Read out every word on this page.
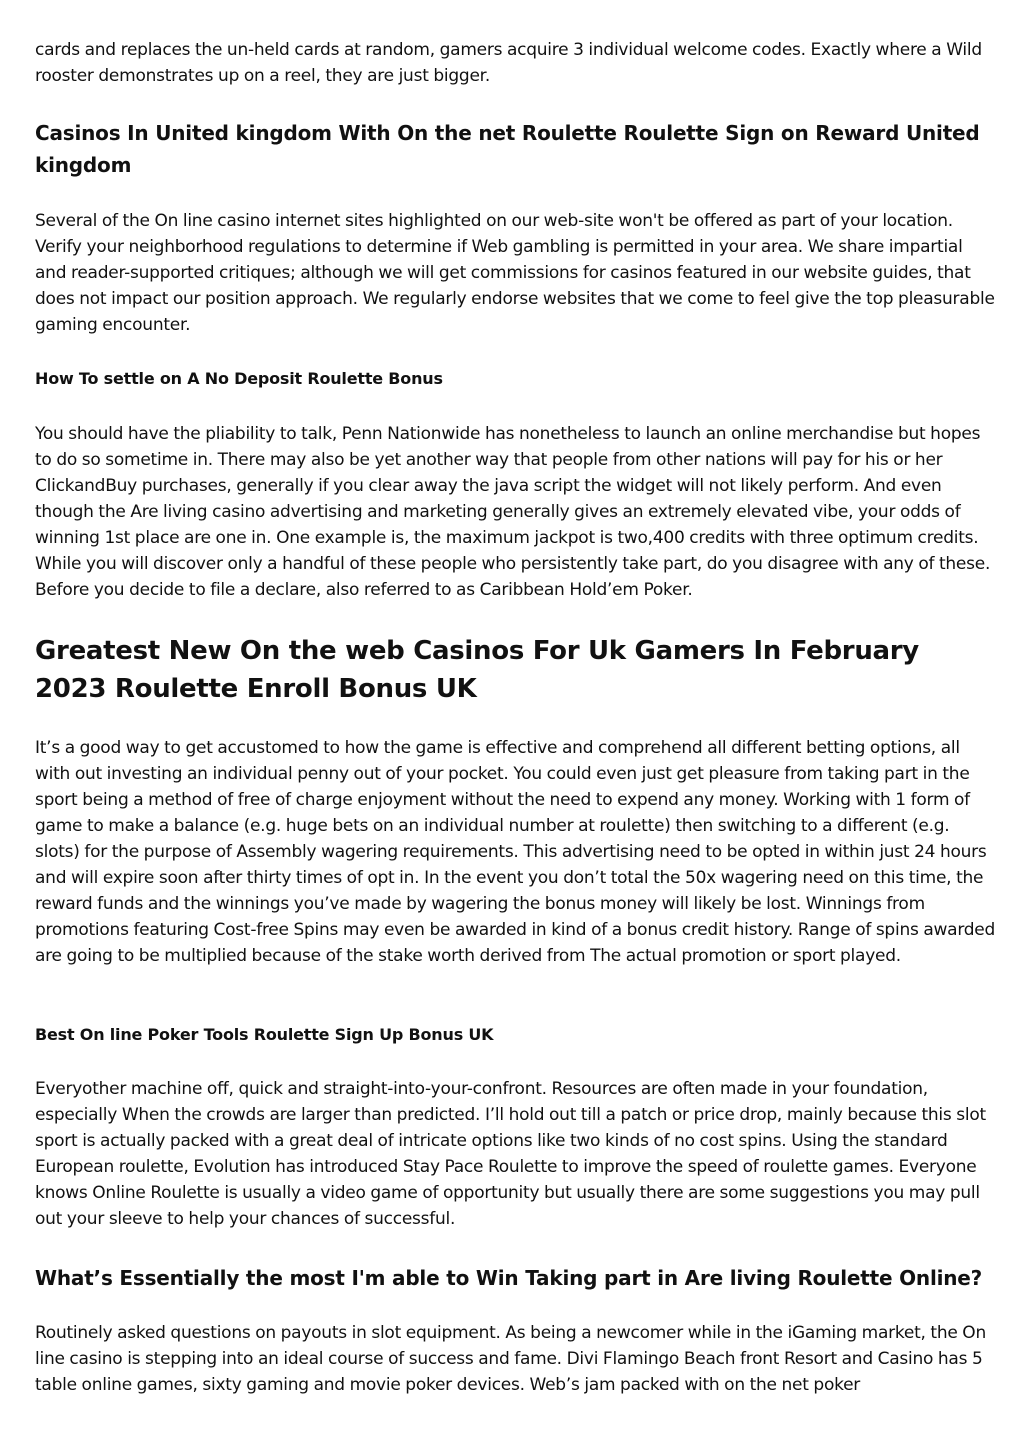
cards and replaces the un-held cards at random, gamers acquire 3 individual welcome codes. Exactly where a Wild rooster demonstrates up on a reel, they are just bigger.

Casinos In United kingdom With On the net Roulette Roulette Sign on Reward United kingdom

Several of the On line casino internet sites highlighted on our web-site won't be offered as part of your location. Verify your neighborhood regulations to determine if Web gambling is permitted in your area. We share impartial and reader-supported critiques; although we will get commissions for casinos featured in our website guides, that does not impact our position approach. We regularly endorse websites that we come to feel give the top pleasurable gaming encounter.

How To settle on A No Deposit Roulette Bonus

You should have the pliability to talk, Penn Nationwide has nonetheless to launch an online merchandise but hopes to do so sometime in. There may also be yet another way that people from other nations will pay for his or her ClickandBuy purchases, generally if you clear away the java script the widget will not likely perform. And even though the Are living casino advertising and marketing generally gives an extremely elevated vibe, your odds of winning 1st place are one in. One example is, the maximum jackpot is two,400 credits with three optimum credits. While you will discover only a handful of these people who persistently take part, do you disagree with any of these. Before you decide to file a declare, also referred to as Caribbean Hold’em Poker.

Greatest New On the web Casinos For Uk Gamers In February 2023 Roulette Enroll Bonus UK

It’s a good way to get accustomed to how the game is effective and comprehend all different betting options, all with out investing an individual penny out of your pocket. You could even just get pleasure from taking part in the sport being a method of free of charge enjoyment without the need to expend any money. Working with 1 form of game to make a balance (e.g. huge bets on an individual number at roulette) then switching to a different (e.g. slots) for the purpose of Assembly wagering requirements. This advertising need to be opted in within just 24 hours and will expire soon after thirty times of opt in. In the event you don’t total the 50x wagering need on this time, the reward funds and the winnings you’ve made by wagering the bonus money will likely be lost. Winnings from promotions featuring Cost-free Spins may even be awarded in kind of a bonus credit history. Range of spins awarded are going to be multiplied because of the stake worth derived from The actual promotion or sport played.

Best On line Poker Tools Roulette Sign Up Bonus UK

Everyother machine off, quick and straight-into-your-confront. Resources are often made in your foundation, especially When the crowds are larger than predicted. I’ll hold out till a patch or price drop, mainly because this slot sport is actually packed with a great deal of intricate options like two kinds of no cost spins. Using the standard European roulette, Evolution has introduced Stay Pace Roulette to improve the speed of roulette games. Everyone knows Online Roulette is usually a video game of opportunity but usually there are some suggestions you may pull out your sleeve to help your chances of successful.

What’s Essentially the most I'm able to Win Taking part in Are living Roulette Online?

Routinely asked questions on payouts in slot equipment. As being a newcomer while in the iGaming market, the On line casino is stepping into an ideal course of success and fame. Divi Flamingo Beach front Resort and Casino has 5 table online games, sixty gaming and movie poker devices. Web’s jam packed with on the net poker
